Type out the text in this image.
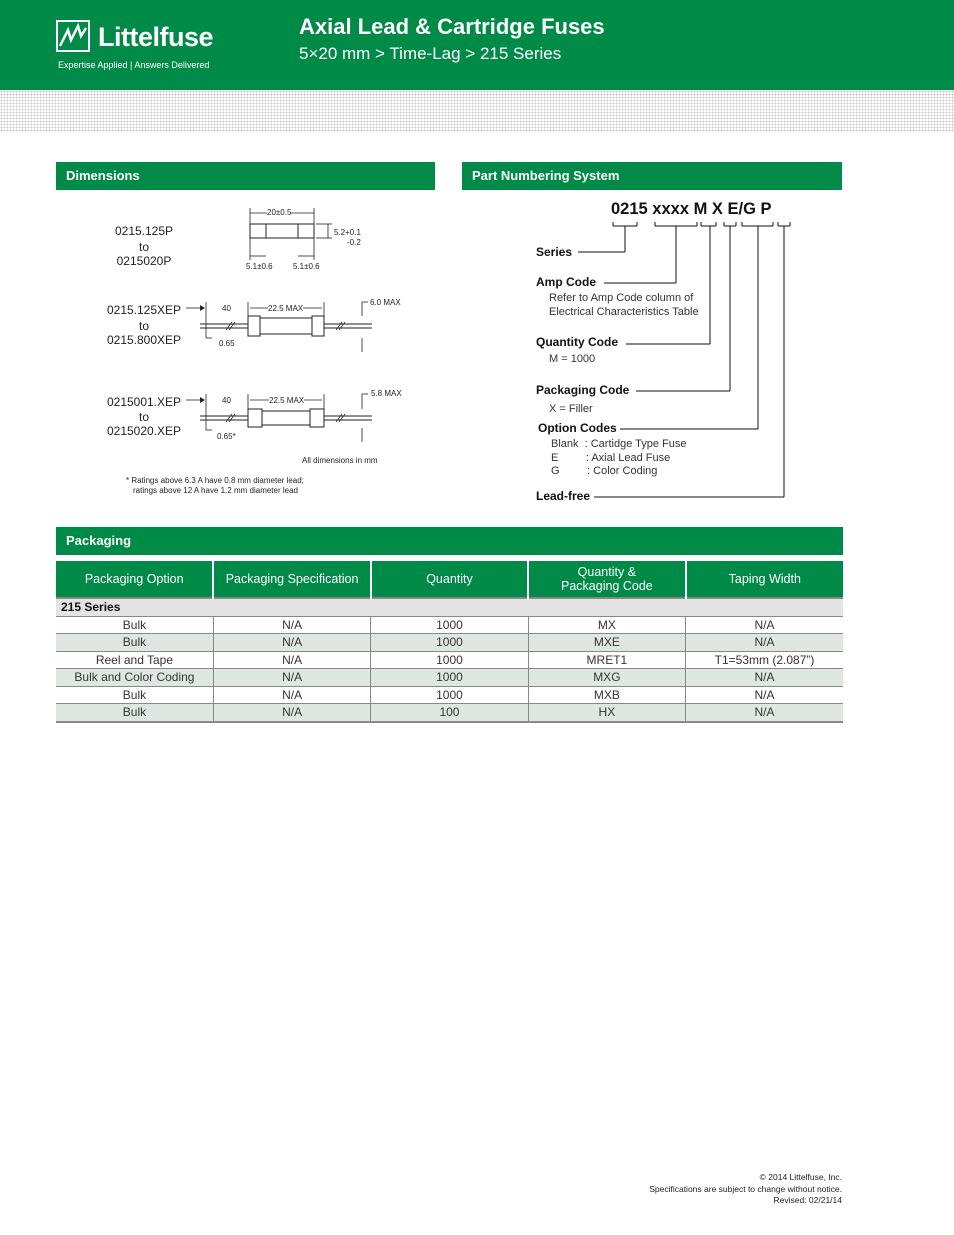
Littelfuse
Expertise Applied | Answers Delivered
Axial Lead & Cartridge Fuses
5×20 mm > Time-Lag > 215 Series
Dimensions
0215.125P
to
0215020P
20±0.5
5.2+0.1
-0.2
5.1±0.6	5.1±0.6
0215.125XEP
to
0215.800XEP
40	22.5 MAX
6.0 MAX
0.65
0215001.XEP
to
0215020.XEP
40	22.5 MAX
5.8 MAX
0.65*
All dimensions in mm
* Ratings above 6.3 A have 0.8 mm diameter lead;
ratings above 12 A have 1.2 mm diameter lead
Part Numbering System
0215 xxxx M X E/G P
Series
Amp Code
Refer to Amp Code column of
Electrical Characteristics Table
Quantity Code
M = 1000
Packaging Code
X = Filler
Option Codes
Blank  : Cartidge Type Fuse
E         : Axial Lead Fuse
G         : Color Coding
Lead-free
Packaging
Packaging Option	Packaging Specification	Quantity	Quantity & Packaging Code	Taping Width
215 Series				
Bulk	N/A	1000	MX	N/A
Bulk	N/A	1000	MXE	N/A
Reel and Tape	N/A	1000	MRET1	T1=53mm (2.087”)
Bulk and Color Coding	N/A	1000	MXG	N/A
Bulk	N/A	1000	MXB	N/A
Bulk	N/A	100	HX	N/A
© 2014 Littelfuse, Inc.
Specifications are subject to change without notice.
Revised: 02/21/14
